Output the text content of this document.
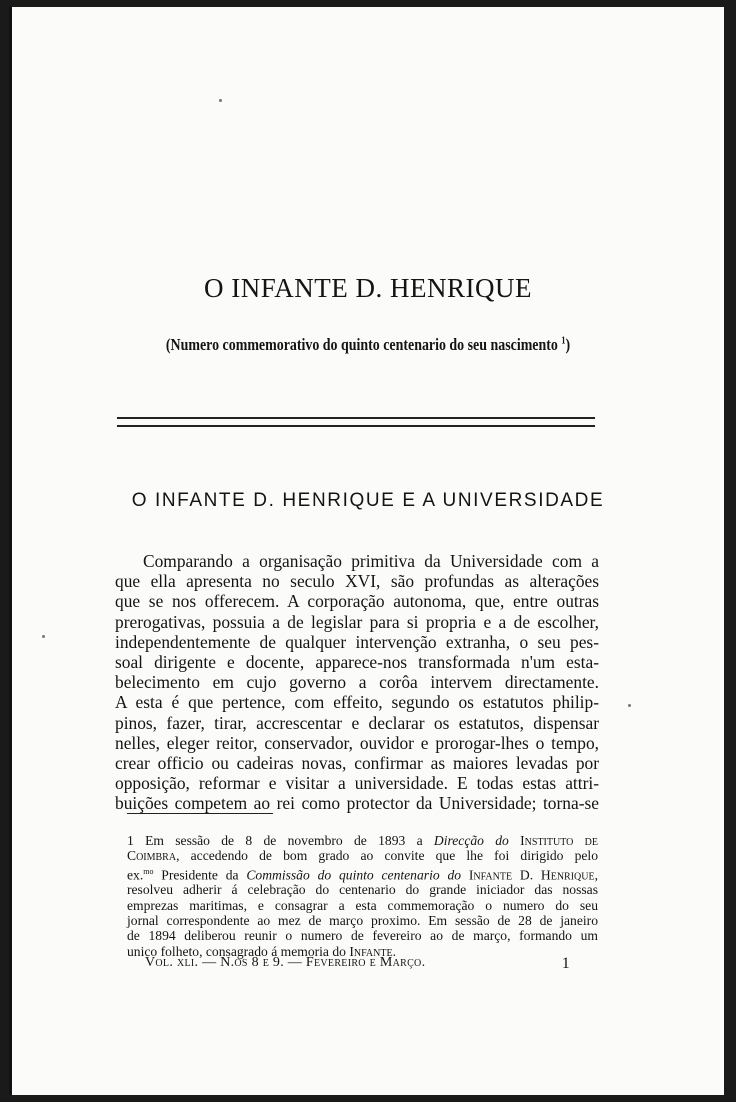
O INFANTE D. HENRIQUE
(Numero commemorativo do quinto centenario do seu nascimento $^1$)
O INFANTE D. HENRIQUE E A UNIVERSIDADE
Comparando a organisação primitiva da Universidade com a
que ella apresenta no seculo XVI, são profundas as alterações
que se nos offerecem. A corporação autonoma, que, entre outras
prerogativas, possuia a de legislar para si propria e a de escolher,
independentemente de qualquer intervenção extranha, o seu pes-
soal dirigente e docente, apparece-nos transformada n'um esta-
belecimento em cujo governo a corôa intervem directamente.
A esta é que pertence, com effeito, segundo os estatutos philip-
pinos, fazer, tirar, accrescentar e declarar os estatutos, dispensar
nelles, eleger reitor, conservador, ouvidor e prorogar-lhes o tempo,
crear officio ou cadeiras novas, confirmar as maiores levadas por
opposição, reformar e visitar a universidade. E todas estas attri-
buições competem ao rei como protector da Universidade; torna-se
1 Em sessão de 8 de novembro de 1893 a Direcção do Instituto de
Coimbra, accedendo de bom grado ao convite que lhe foi dirigido pelo
ex.$^{mo}$ Presidente da Commissão do quinto centenario do Infante D. Henrique,
resolveu adherir á celebração do centenario do grande iniciador das nossas
emprezas maritimas, e consagrar a esta commemoração o numero do seu
jornal correspondente ao mez de março proximo. Em sessão de 28 de janeiro
de 1894 deliberou reunir o numero de fevereiro ao de março, formando um
unico folheto, consagrado á memoria do Infante.
Vol. xli. — N.os 8 e 9. — Fevereiro e Março.	1
